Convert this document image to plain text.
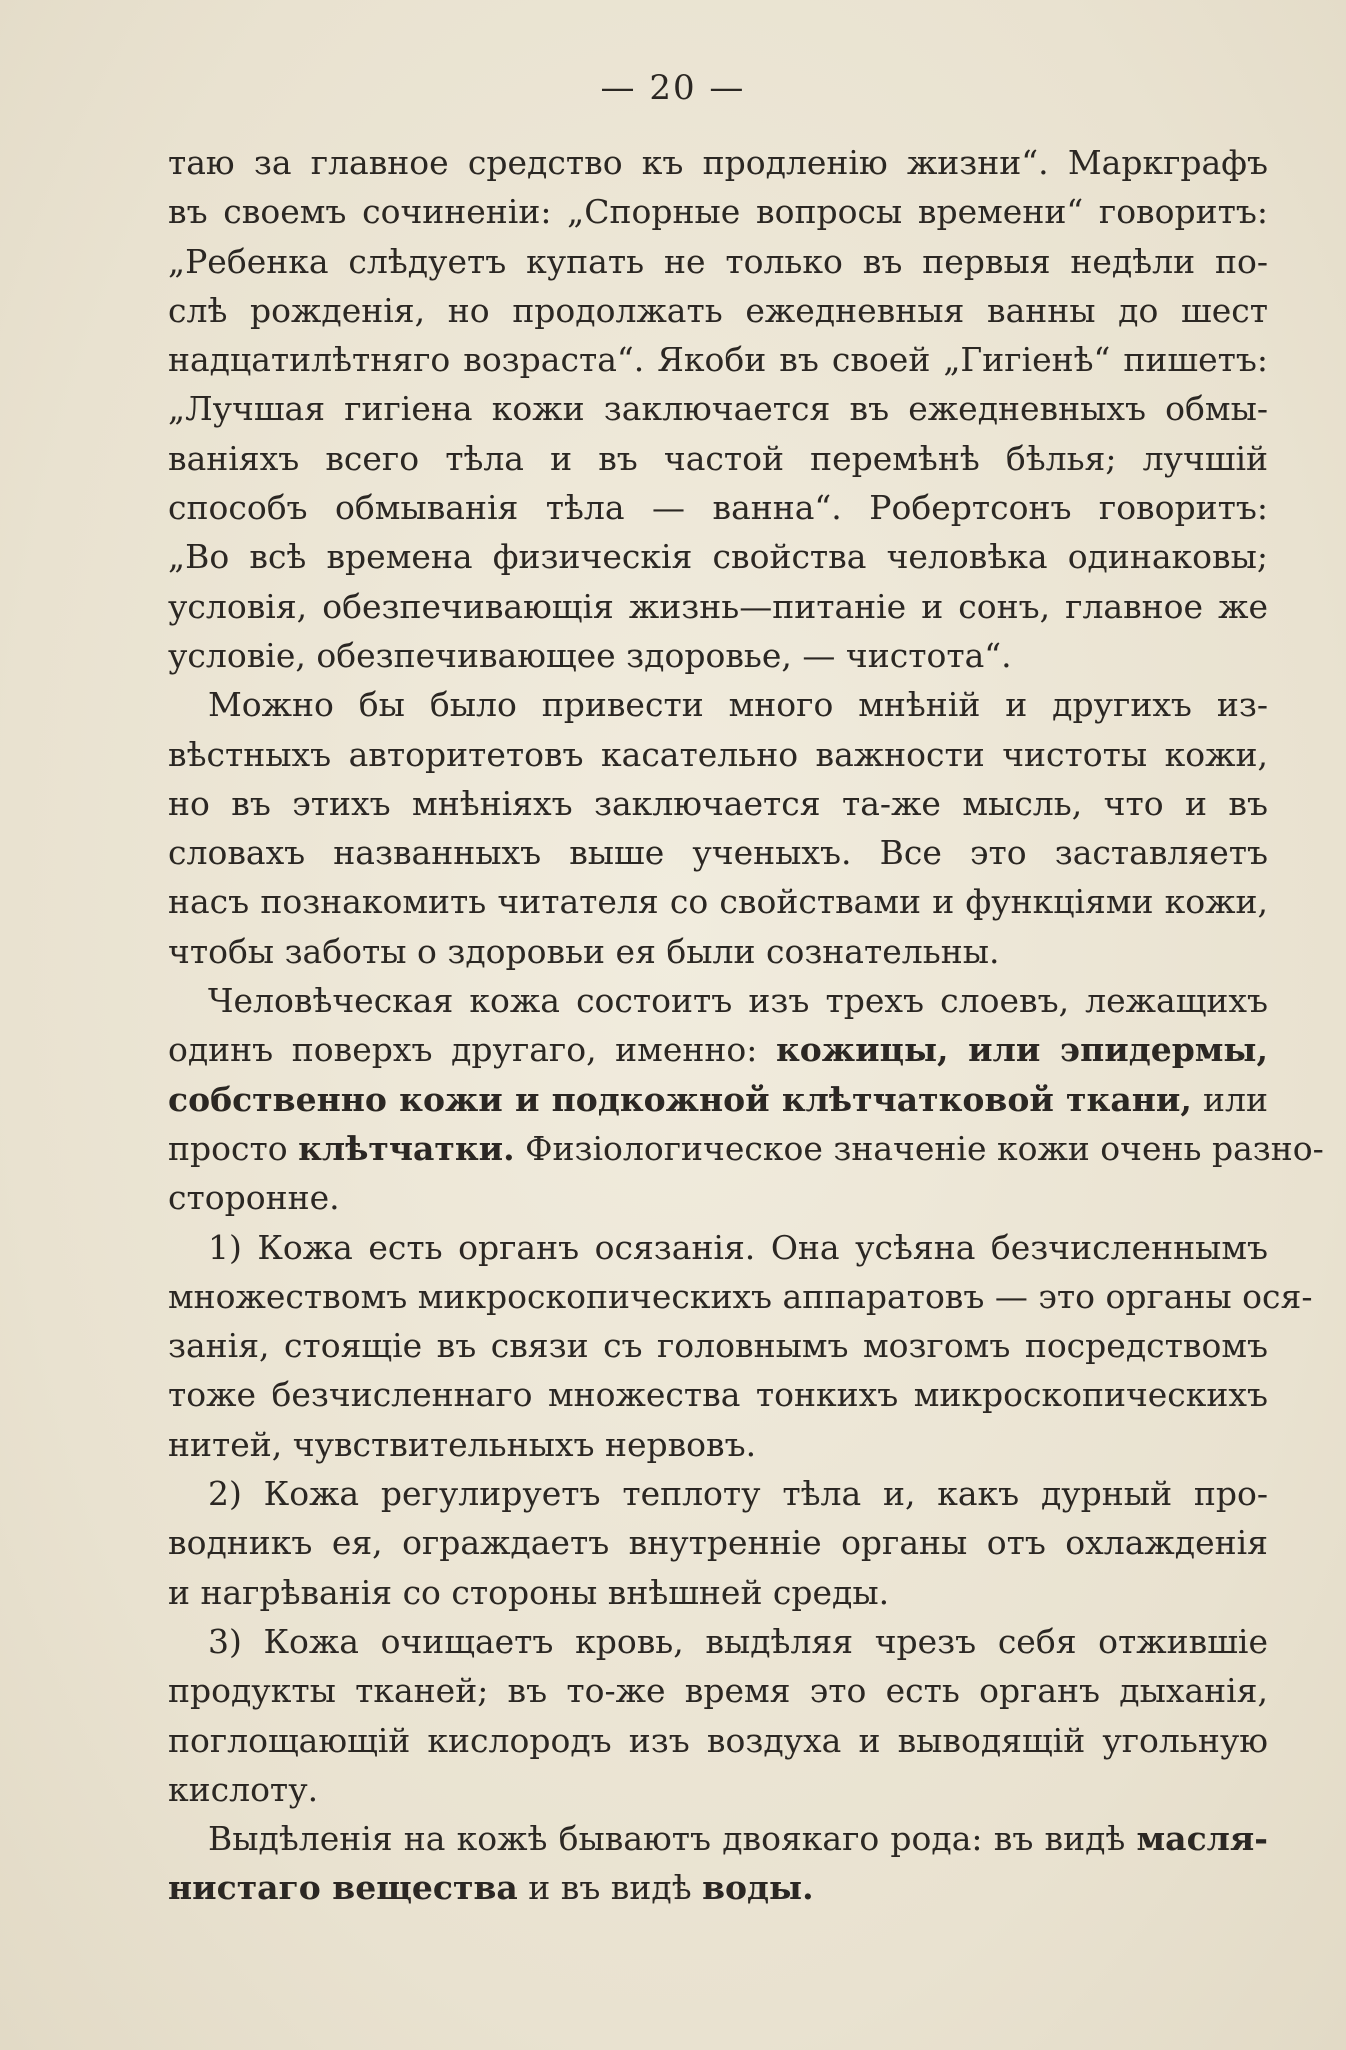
— 20 —
таю за главное средство къ продленію жизни“. Маркграфъ
въ своемъ сочиненіи: „Спорные вопросы времени“ говоритъ:
„Ребенка слѣдуетъ купать не только въ первыя недѣли по-
слѣ рожденія, но продолжать ежедневныя ванны до шест
надцатилѣтняго возраста“. Якоби въ своей „Гигіенѣ“ пишетъ:
„Лучшая гигіена кожи заключается въ ежедневныхъ обмы-
ваніяхъ всего тѣла и въ частой перемѣнѣ бѣлья; лучшій
способъ обмыванія тѣла — ванна“. Робертсонъ говоритъ:
„Во всѣ времена физическія свойства человѣка одинаковы;
условія, обезпечивающія жизнь—питаніе и сонъ, главное же
условіе, обезпечивающее здоровье, — чистота“.
Можно бы было привести много мнѣній и другихъ из-
вѣстныхъ авторитетовъ касательно важности чистоты кожи,
но въ этихъ мнѣніяхъ заключается та-же мысль, что и въ
словахъ названныхъ выше ученыхъ. Все это заставляетъ
насъ познакомить читателя со свойствами и функціями кожи,
чтобы заботы о здоровьи ея были сознательны.
Человѣческая кожа состоитъ изъ трехъ слоевъ, лежащихъ
одинъ поверхъ другаго, именно: кожицы, или эпидермы,
собственно кожи и подкожной клѣтчатковой ткани, или
просто клѣтчатки. Физіологическое значеніе кожи очень разно-
сторонне.
1) Кожа есть органъ осязанія. Она усѣяна безчисленнымъ
множествомъ микроскопическихъ аппаратовъ — это органы ося-
занія, стоящіе въ связи съ головнымъ мозгомъ посредствомъ
тоже безчисленнаго множества тонкихъ микроскопическихъ
нитей, чувствительныхъ нервовъ.
2) Кожа регулируетъ теплоту тѣла и, какъ дурный про-
водникъ ея, ограждаетъ внутренніе органы отъ охлажденія
и нагрѣванія со стороны внѣшней среды.
3) Кожа очищаетъ кровь, выдѣляя чрезъ себя отжившіе
продукты тканей; въ то-же время это есть органъ дыханія,
поглощающій кислородъ изъ воздуха и выводящій угольную
кислоту.
Выдѣленія на кожѣ бываютъ двоякаго рода: въ видѣ масля-
нистаго вещества и въ видѣ воды.
